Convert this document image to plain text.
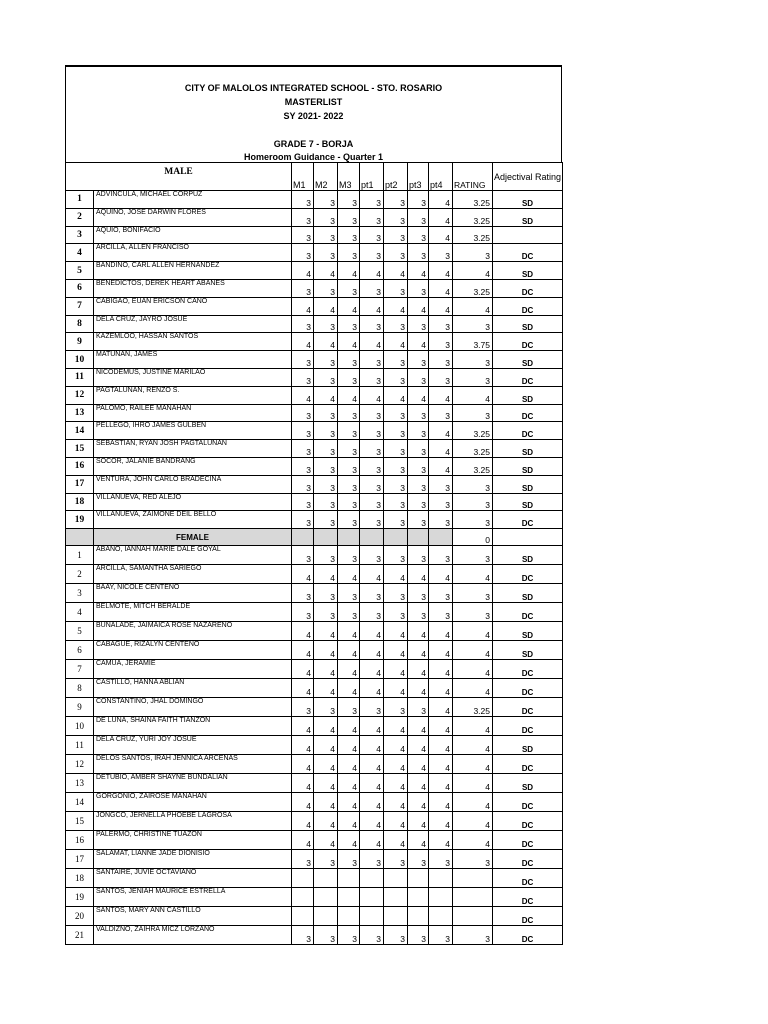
CITY OF MALOLOS INTEGRATED SCHOOL - STO. ROSARIO
MASTERLIST
SY 2021- 2022
GRADE 7 - BORJA
Homeroom Guidance - Quarter 1
MALE		M1	M2	M3	pt1	pt2	pt3	pt4	RATING	Adjectival Rating
1	ADVINCULA, MICHAEL CORPUZ	3	3	3	3	3	3	4	3.25	SD
2	AQUINO, JOSE DARWIN FLORES	3	3	3	3	3	3	4	3.25	SD
3	AQUIO, BONIFACIO	3	3	3	3	3	3	4	3.25	
4	ARCILLA, ALLEN FRANCISO	3	3	3	3	3	3	3	3	DC
5	BANDINO, CARL ALLEN HERNANDEZ	4	4	4	4	4	4	4	4	SD
6	BENEDICTOS, DEREK HEART ABANES	3	3	3	3	3	3	4	3.25	DC
7	CABIGAO, EUAN ERICSON CANO	4	4	4	4	4	4	4	4	DC
8	DELA CRUZ, JAYRO JOSUE	3	3	3	3	3	3	3	3	SD
9	KAZEMLOO, HASSAN SANTOS	4	4	4	4	4	4	3	3.75	DC
10	MATUNAN, JAMES	3	3	3	3	3	3	3	3	SD
11	NICODEMUS, JUSTINE MARILAO	3	3	3	3	3	3	3	3	DC
12	PAGTALUNAN, RENZO S.	4	4	4	4	4	4	4	4	SD
13	PALOMO, RAILEE MANAHAN	3	3	3	3	3	3	3	3	DC
14	PELLEGO, IHRO JAMES GULBEN	3	3	3	3	3	3	4	3.25	DC
15	SEBASTIAN, RYAN JOSH PAGTALUNAN	3	3	3	3	3	3	4	3.25	SD
16	SOCOR, JALANIE BANDRANG	3	3	3	3	3	3	4	3.25	SD
17	VENTURA, JOHN CARLO BRADECINA	3	3	3	3	3	3	3	3	SD
18	VILLANUEVA, RED ALEJO	3	3	3	3	3	3	3	3	SD
19	VILLANUEVA, ZAIMONE DEIL BELLO	3	3	3	3	3	3	3	3	DC
	FEMALE								0	
1	ABAÑO, IANNAH MARIE DALE GOYAL	3	3	3	3	3	3	3	3	SD
2	ARCILLA, SAMANTHA SARIEGO	4	4	4	4	4	4	4	4	DC
3	BAAY, NICOLE CENTENO	3	3	3	3	3	3	3	3	SD
4	BELMOTE, MITCH BERALDE	3	3	3	3	3	3	3	3	DC
5	BUNALADE, JAIMAICA ROSE NAZARENO	4	4	4	4	4	4	4	4	SD
6	CABAGUE, RIZALYN CENTENO	4	4	4	4	4	4	4	4	SD
7	CAMUA, JERAMIE	4	4	4	4	4	4	4	4	DC
8	CASTILLO, HANNA ABLIAN	4	4	4	4	4	4	4	4	DC
9	CONSTANTINO, JHAL DOMINGO	3	3	3	3	3	3	4	3.25	DC
10	DE LUNA, SHAINA FAITH TIANZON	4	4	4	4	4	4	4	4	DC
11	DELA CRUZ, YURI JOY JOSUE	4	4	4	4	4	4	4	4	SD
12	DELOS SANTOS, IRAH JENNICA ARCENAS	4	4	4	4	4	4	4	4	DC
13	DETUBIO, AMBER SHAYNE BUNDALIAN	4	4	4	4	4	4	4	4	SD
14	GORGONIO, ZAIROSE MANAHAN	4	4	4	4	4	4	4	4	DC
15	JONGCO, JERNELLA PHOEBE LAGROSA	4	4	4	4	4	4	4	4	DC
16	PALERMO, CHRISTINE TUAZON	4	4	4	4	4	4	4	4	DC
17	SALAMAT, LIANNE JADE DIONISIO	3	3	3	3	3	3	3	3	DC
18	SANTAIRE, JUVIE OCTAVIANO									DC
19	SANTOS, JENIAH MAURICE ESTRELLA									DC
20	SANTOS, MARY ANN CASTILLO									DC
21	VALDIZNO, ZAIHRA MICZ LORZANO	3	3	3	3	3	3	3	3	DC
